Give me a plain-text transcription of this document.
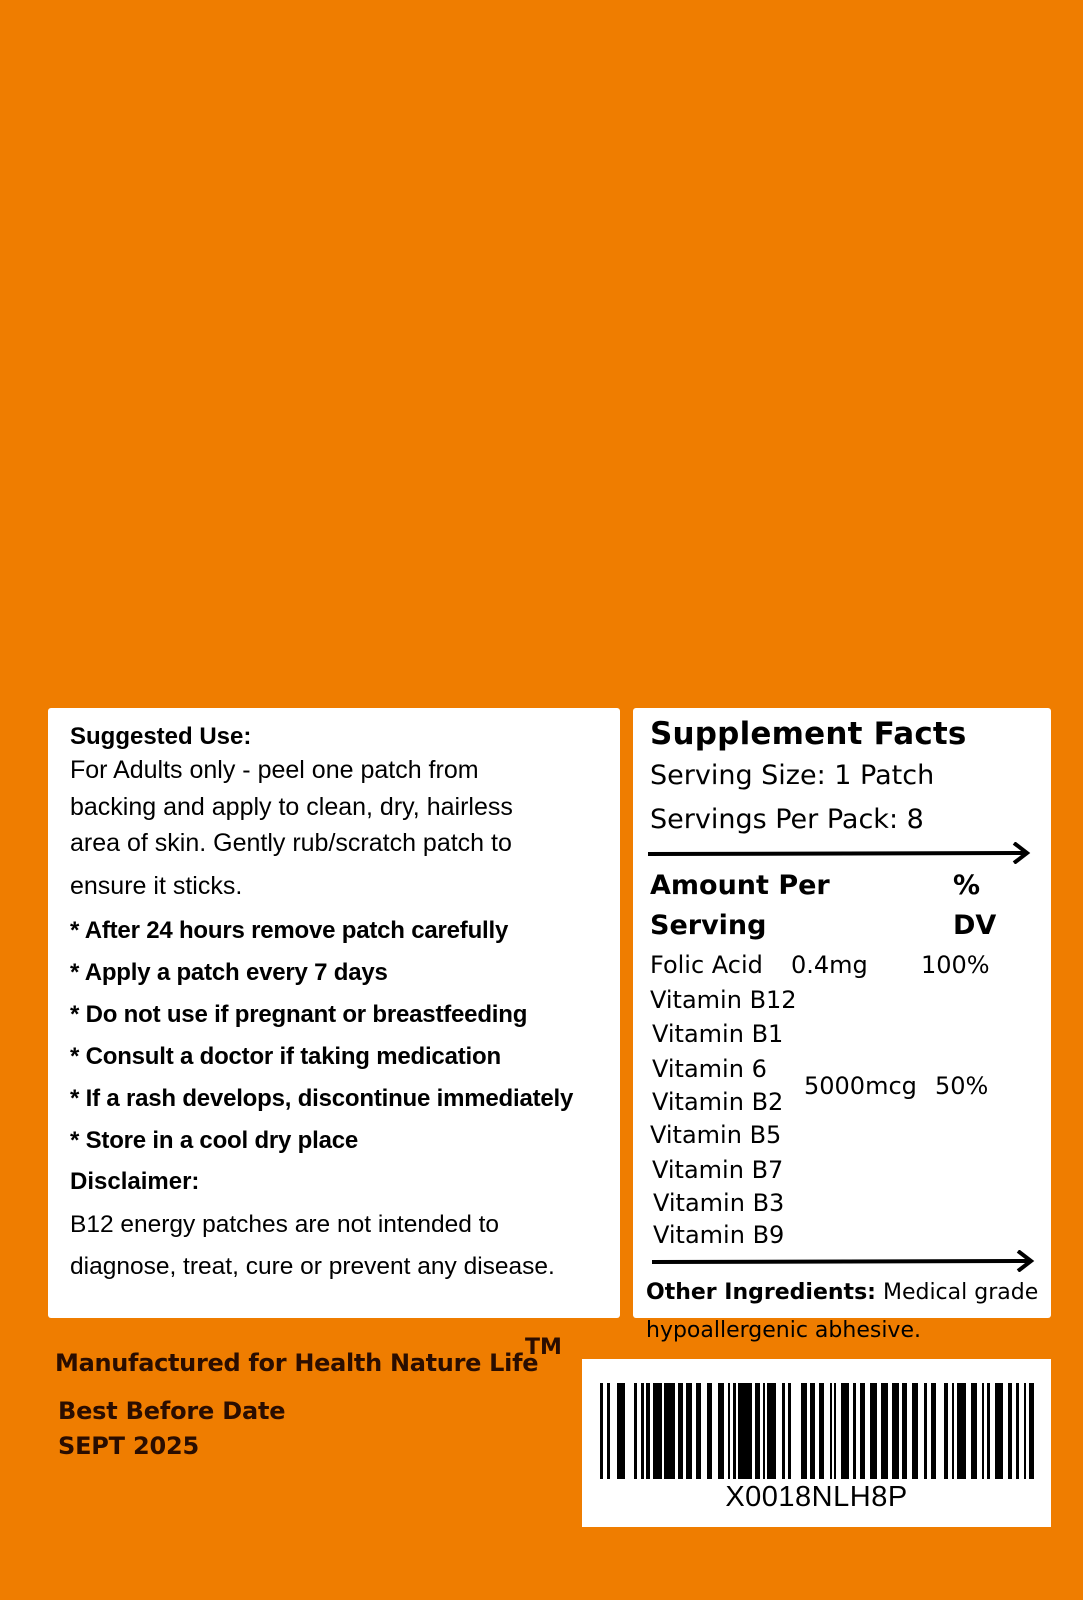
Suggested Use:

For Adults only - peel one patch from
backing and apply to clean, dry, hairless
area of skin. Gently rub/scratch patch to
ensure it sticks.

* After 24 hours remove patch carefully
* Apply a patch every 7 days
* Do not use if pregnant or breastfeeding
* Consult a doctor if taking medication
* If a rash develops, discontinue immediately
* Store in a cool dry place

Disclaimer:

B12 energy patches are not intended to
diagnose, treat, cure or prevent any disease.

Supplement Facts

Serving Size: 1 Patch

Servings Per Pack: 8

Amount Per Serving
% DV
Folic Acid	0.4mg 100%
Vitamin B12
Vitamin B1
Vitamin 6
Vitamin B2
Vitamin B5
Vitamin B7
Vitamin B3
Vitamin B9
5000mcg 50%

Other Ingredients: Medical grade hypoallergenic abhesive.

Manufactured for Health Nature Life
TM
Best Before Date
SEPT 2025
X0018NLH8P
